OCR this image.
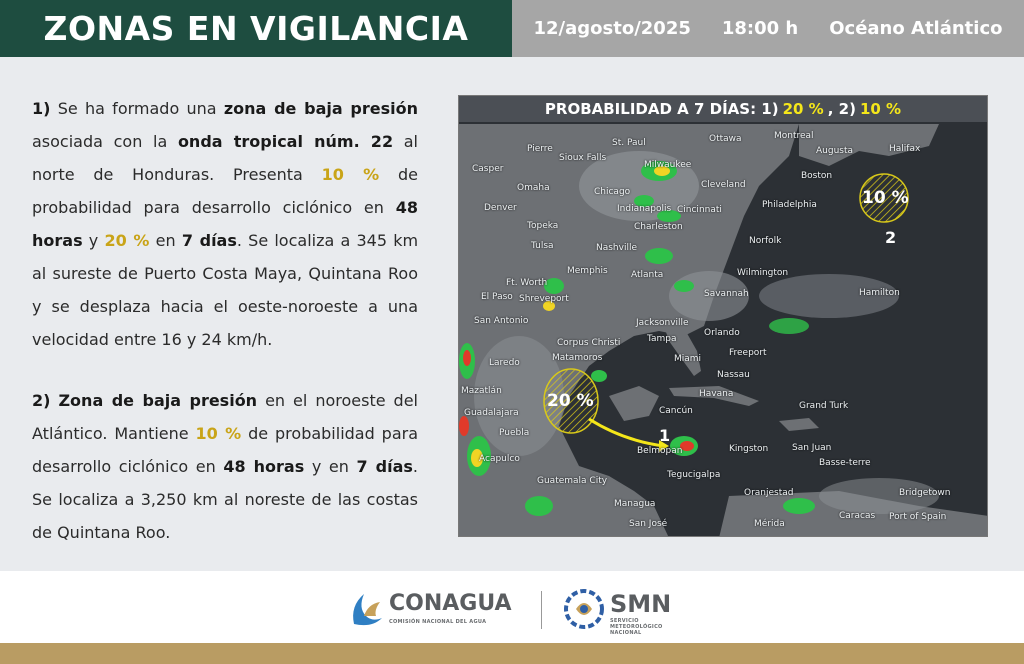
ZONAS EN VIGILANCIA	12/agosto/2025 18:00 h Océano Atlántico

1) Se ha formado una zona de baja presión asociada con la onda tropical núm. 22 al norte de Honduras. Presenta 10 % de probabilidad para desarrollo ciclónico en 48 horas y 20 % en 7 días. Se localiza a 345 km al sureste de Puerto Costa Maya, Quintana Roo y se desplaza hacia el oeste-noroeste a una velocidad entre 16 y 24 km/h.

2) Zona de baja presión en el noroeste del Atlántico. Mantiene 10 % de probabilidad para desarrollo ciclónico en 48 horas y en 7 días. Se localiza a 3,250 km al noreste de las costas de Quintana Roo.

PROBABILIDAD A 7 DÍAS: 1) 20 % , 2) 10 %
Pierre
St. Paul	Ottawa	Montreal
Augusta	Halifax
Casper
Sioux Falls
Milwaukee
Boston
Omaha	Chicago
Cleveland
Denver	Indianapolis Cincinnati	Philadelphia
Topeka	Charleston
Norfolk
Tulsa	Nashville
Memphis	Wilmington
Ft. Worth
Atlanta
El Paso Shreveport	Savannah	Hamilton
San Antonio	Jacksonville
Orlando
Corpus Christi	Tampa
Laredo	Matamoros	Miami
Freeport
Nassau
Mazatlán	Havana
Grand Turk
Cancún
Guadalajara
Puebla
Kingston	San Juan
Belmopan
Basse-terre
Acapulco
Tegucigalpa
Guatemala City
Oranjestad	Bridgetown
Managua
Caracas Port of Spain
San José	Mérida
20 %
1
10 %
2
CONAGUA
COMISIÓN NACIONAL DEL AGUA
SMN
SERVICIO METEOROLÓGICO NACIONAL
